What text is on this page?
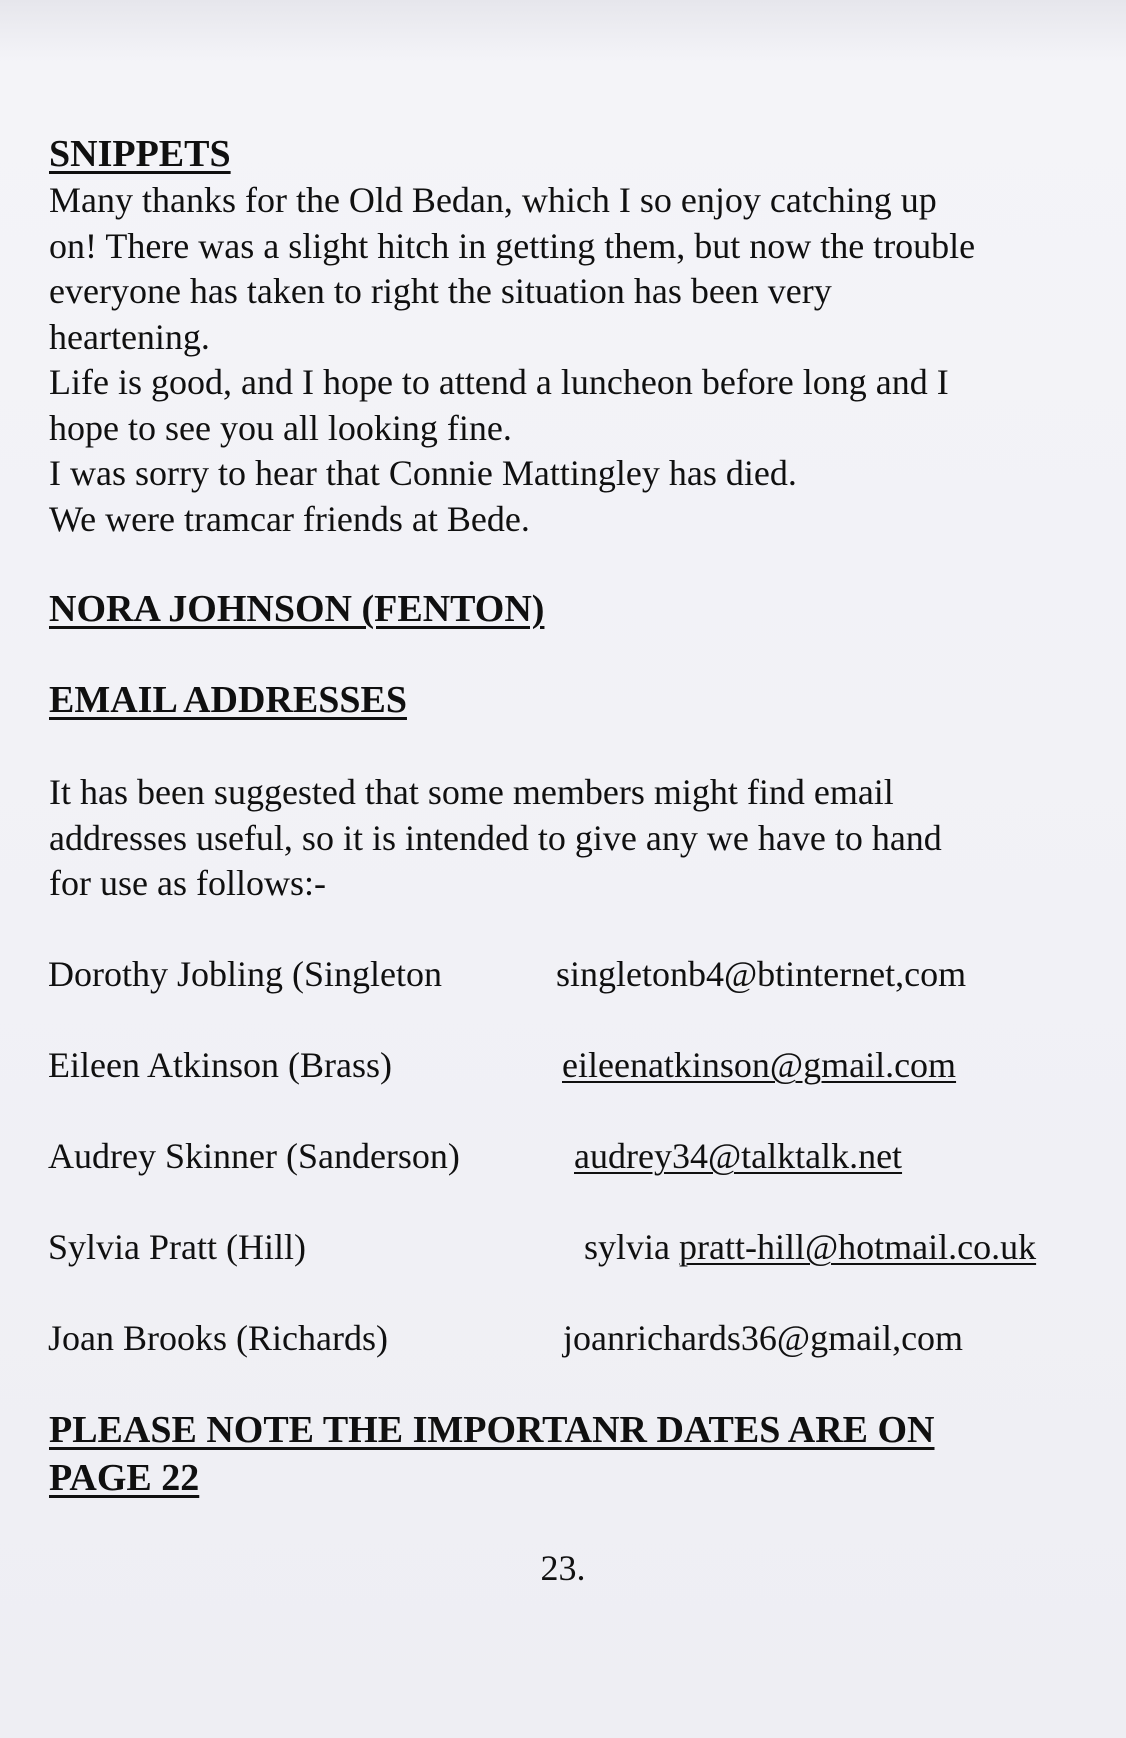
SNIPPETS
Many thanks for the Old Bedan, which I so enjoy catching up
on! There was a slight hitch in getting them, but now the trouble
everyone has taken to right the situation has been very
heartening.
Life is good, and I hope to attend a luncheon before long and I
hope to see you all looking fine.
I was sorry to hear that Connie Mattingley has died.
We were tramcar friends at Bede.
NORA JOHNSON (FENTON)
EMAIL ADDRESSES
It has been suggested that some members might find email
addresses useful, so it is intended to give any we have to hand
for use as follows:-

Dorothy Jobling (Singleton	singletonb4@btinternet,com

Eileen Atkinson (Brass)	eileenatkinson@gmail.com

Audrey Skinner (Sanderson)	audrey34@talktalk.net

Sylvia Pratt (Hill)	sylvia pratt-hill@hotmail.co.uk

Joan Brooks (Richards)	joanrichards36@gmail,com

PLEASE NOTE THE IMPORTANR DATES ARE ON
PAGE 22

23.
